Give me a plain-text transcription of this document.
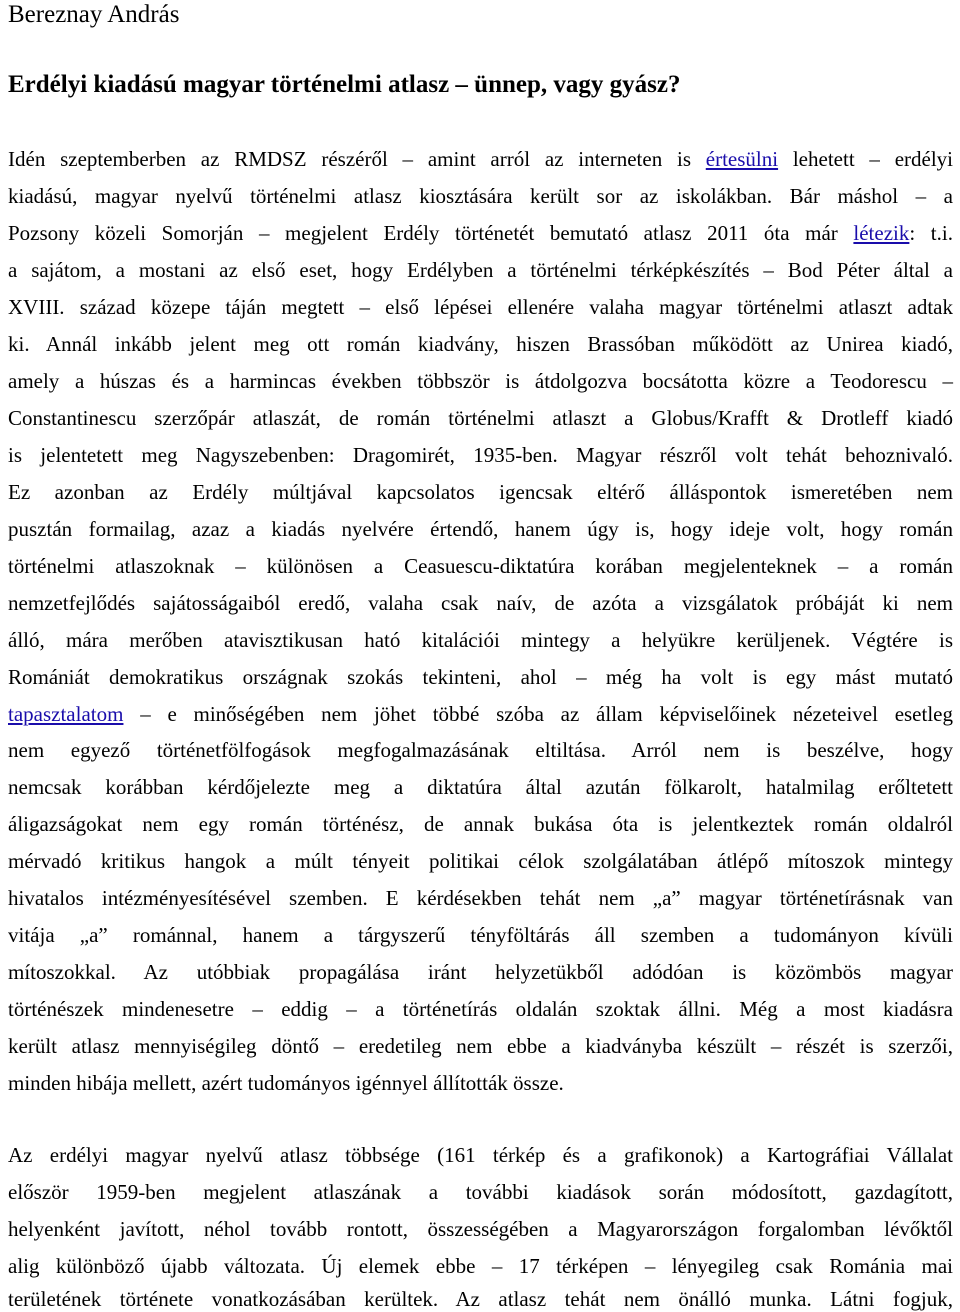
Bereznay András
Erdélyi kiadású magyar történelmi atlasz – ünnep, vagy gyász?
Idén szeptemberben az RMDSZ részéről – amint arról az interneten is értesülni lehetett – erdélyi
kiadású, magyar nyelvű történelmi atlasz kiosztására került sor az iskolákban. Bár máshol – a
Pozsony közeli Somorján – megjelent Erdély történetét bemutató atlasz 2011 óta már létezik: t.i.
a sajátom, a mostani az első eset, hogy Erdélyben a történelmi térképkészítés – Bod Péter által a
XVIII. század közepe táján megtett – első lépései ellenére valaha magyar történelmi atlaszt adtak
ki. Annál inkább jelent meg ott román kiadvány, hiszen Brassóban működött az Unirea kiadó,
amely a húszas és a harmincas években többször is átdolgozva bocsátotta közre a Teodorescu –
Constantinescu szerzőpár atlaszát, de román történelmi atlaszt a Globus/Krafft & Drotleff kiadó
is jelentetett meg Nagyszebenben: Dragomirét, 1935-ben. Magyar részről volt tehát behoznivaló.
Ez azonban az Erdély múltjával kapcsolatos igencsak eltérő álláspontok ismeretében nem
pusztán formailag, azaz a kiadás nyelvére értendő, hanem úgy is, hogy ideje volt, hogy román
történelmi atlaszoknak – különösen a Ceasuescu-diktatúra korában megjelenteknek – a román
nemzetfejlődés sajátosságaiból eredő, valaha csak naív, de azóta a vizsgálatok próbáját ki nem
álló, mára merőben atavisztikusan ható kitalációi mintegy a helyükre kerüljenek. Végtére is
Romániát demokratikus országnak szokás tekinteni, ahol – még ha volt is egy mást mutató
tapasztalatom – e minőségében nem jöhet többé szóba az állam képviselőinek nézeteivel esetleg
nem egyező történetfölfogások megfogalmazásának eltiltása. Arról nem is beszélve, hogy
nemcsak korábban kérdőjelezte meg a diktatúra által azután fölkarolt, hatalmilag erőltetett
áligazságokat nem egy román történész, de annak bukása óta is jelentkeztek román oldalról
mérvadó kritikus hangok a múlt tényeit politikai célok szolgálatában átlépő mítoszok mintegy
hivatalos intézményesítésével szemben. E kérdésekben tehát nem „a” magyar történetírásnak van
vitája „a” románnal, hanem a tárgyszerű tényföltárás áll szemben a tudományon kívüli
mítoszokkal. Az utóbbiak propagálása iránt helyzetükből adódóan is közömbös magyar
történészek mindenesetre – eddig – a történetírás oldalán szoktak állni. Még a most kiadásra
került atlasz mennyiségileg döntő – eredetileg nem ebbe a kiadványba készült – részét is szerzői,
minden hibája mellett, azért tudományos igénnyel állították össze.
Az erdélyi magyar nyelvű atlasz többsége (161 térkép és a grafikonok) a Kartográfiai Vállalat
először 1959-ben megjelent atlaszának a további kiadások során módosított, gazdagított,
helyenként javított, néhol tovább rontott, összességében a Magyarországon forgalomban lévőktől
alig különböző újabb változata. Új elemek ebbe – 17 térképen – lényegileg csak Románia mai
területének története vonatkozásában kerültek. Az atlasz tehát nem önálló munka. Látni fogjuk,
